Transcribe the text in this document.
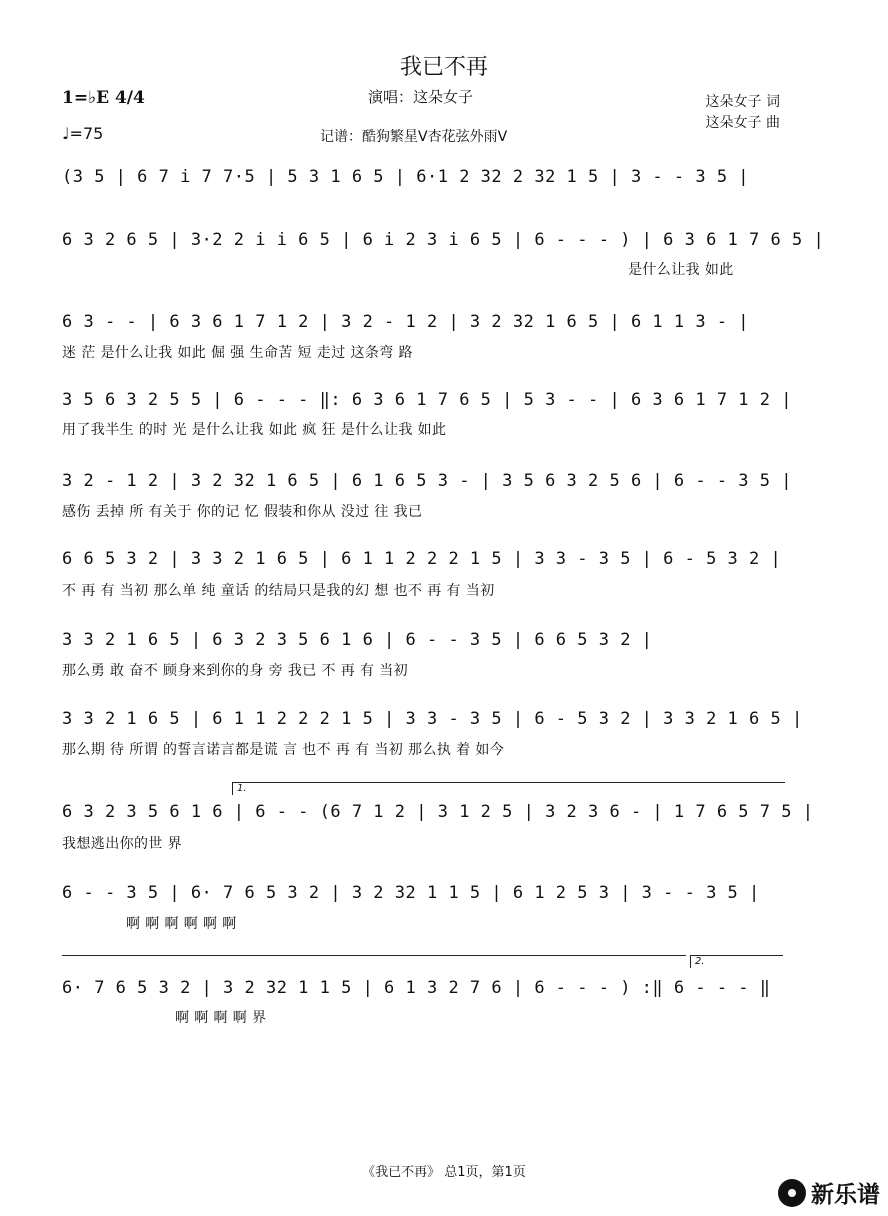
我已不再
1=♭E 4/4
♩=75
演唱：这朵女子
记谱：酷狗繁星V杏花弦外雨V
这朵女子 词
这朵女子 曲
(3 5 | 6 7 i 7 7·5 | 5 3 1 6 5 | 6·1 2 32 2 32 1 5 | 3 - - 3 5 |
6 3 2 6 5 | 3·2 2 i i 6 5 | 6 i 2 3 i 6 5 | 6 - - - ) | 6 3 6 1 7 6 5 |
是什么让我 如此
6 3 - - | 6 3 6 1 7 1 2 | 3 2 - 1 2 | 3 2 32 1 6 5 | 6 1 1 3 - |
迷 茫 是什么让我 如此 倔 强 生命苦 短 走过 这条弯 路
3 5 6 3 2 5 5 | 6 - - - ‖: 6 3 6 1 7 6 5 | 5 3 - - | 6 3 6 1 7 1 2 |
用了我半生 的时 光 是什么让我 如此 疯 狂 是什么让我 如此
3 2 - 1 2 | 3 2 32 1 6 5 | 6 1 6 5 3 - | 3 5 6 3 2 5 6 | 6 - - 3 5 |
感伤 丢掉 所 有关于 你的记 忆 假装和你从 没过 往 我已
6 6 5 3 2 | 3 3 2 1 6 5 | 6 1 1 2 2 2 1 5 | 3 3 - 3 5 | 6 - 5 3 2 |
不 再 有 当初 那么单 纯 童话 的结局只是我的幻 想 也不 再 有 当初
3 3 2 1 6 5 | 6 3 2 3 5 6 1 6 | 6 - - 3 5 | 6 6 5 3 2 |
那么勇 敢 奋不 顾身来到你的身 旁 我已 不 再 有 当初
3 3 2 1 6 5 | 6 1 1 2 2 2 1 5 | 3 3 - 3 5 | 6 - 5 3 2 | 3 3 2 1 6 5 |
那么期 待 所谓 的誓言诺言都是谎 言 也不 再 有 当初 那么执 着 如今
1.
6 3 2 3 5 6 1 6 | 6 - - (6 7 1 2 | 3 1 2 5 | 3 2 3 6 - | 1 7 6 5 7 5 |
我想逃出你的世 界
6 - - 3 5 | 6· 7 6 5 3 2 | 3 2 32 1 1 5 | 6 1 2 5 3 | 3 - - 3 5 |
啊 啊 啊 啊 啊 啊
2.
6· 7 6 5 3 2 | 3 2 32 1 1 5 | 6 1 3 2 7 6 | 6 - - - ) :‖ 6 - - - ‖
啊 啊 啊 啊 界
《我已不再》 总1页，第1页
新乐谱
